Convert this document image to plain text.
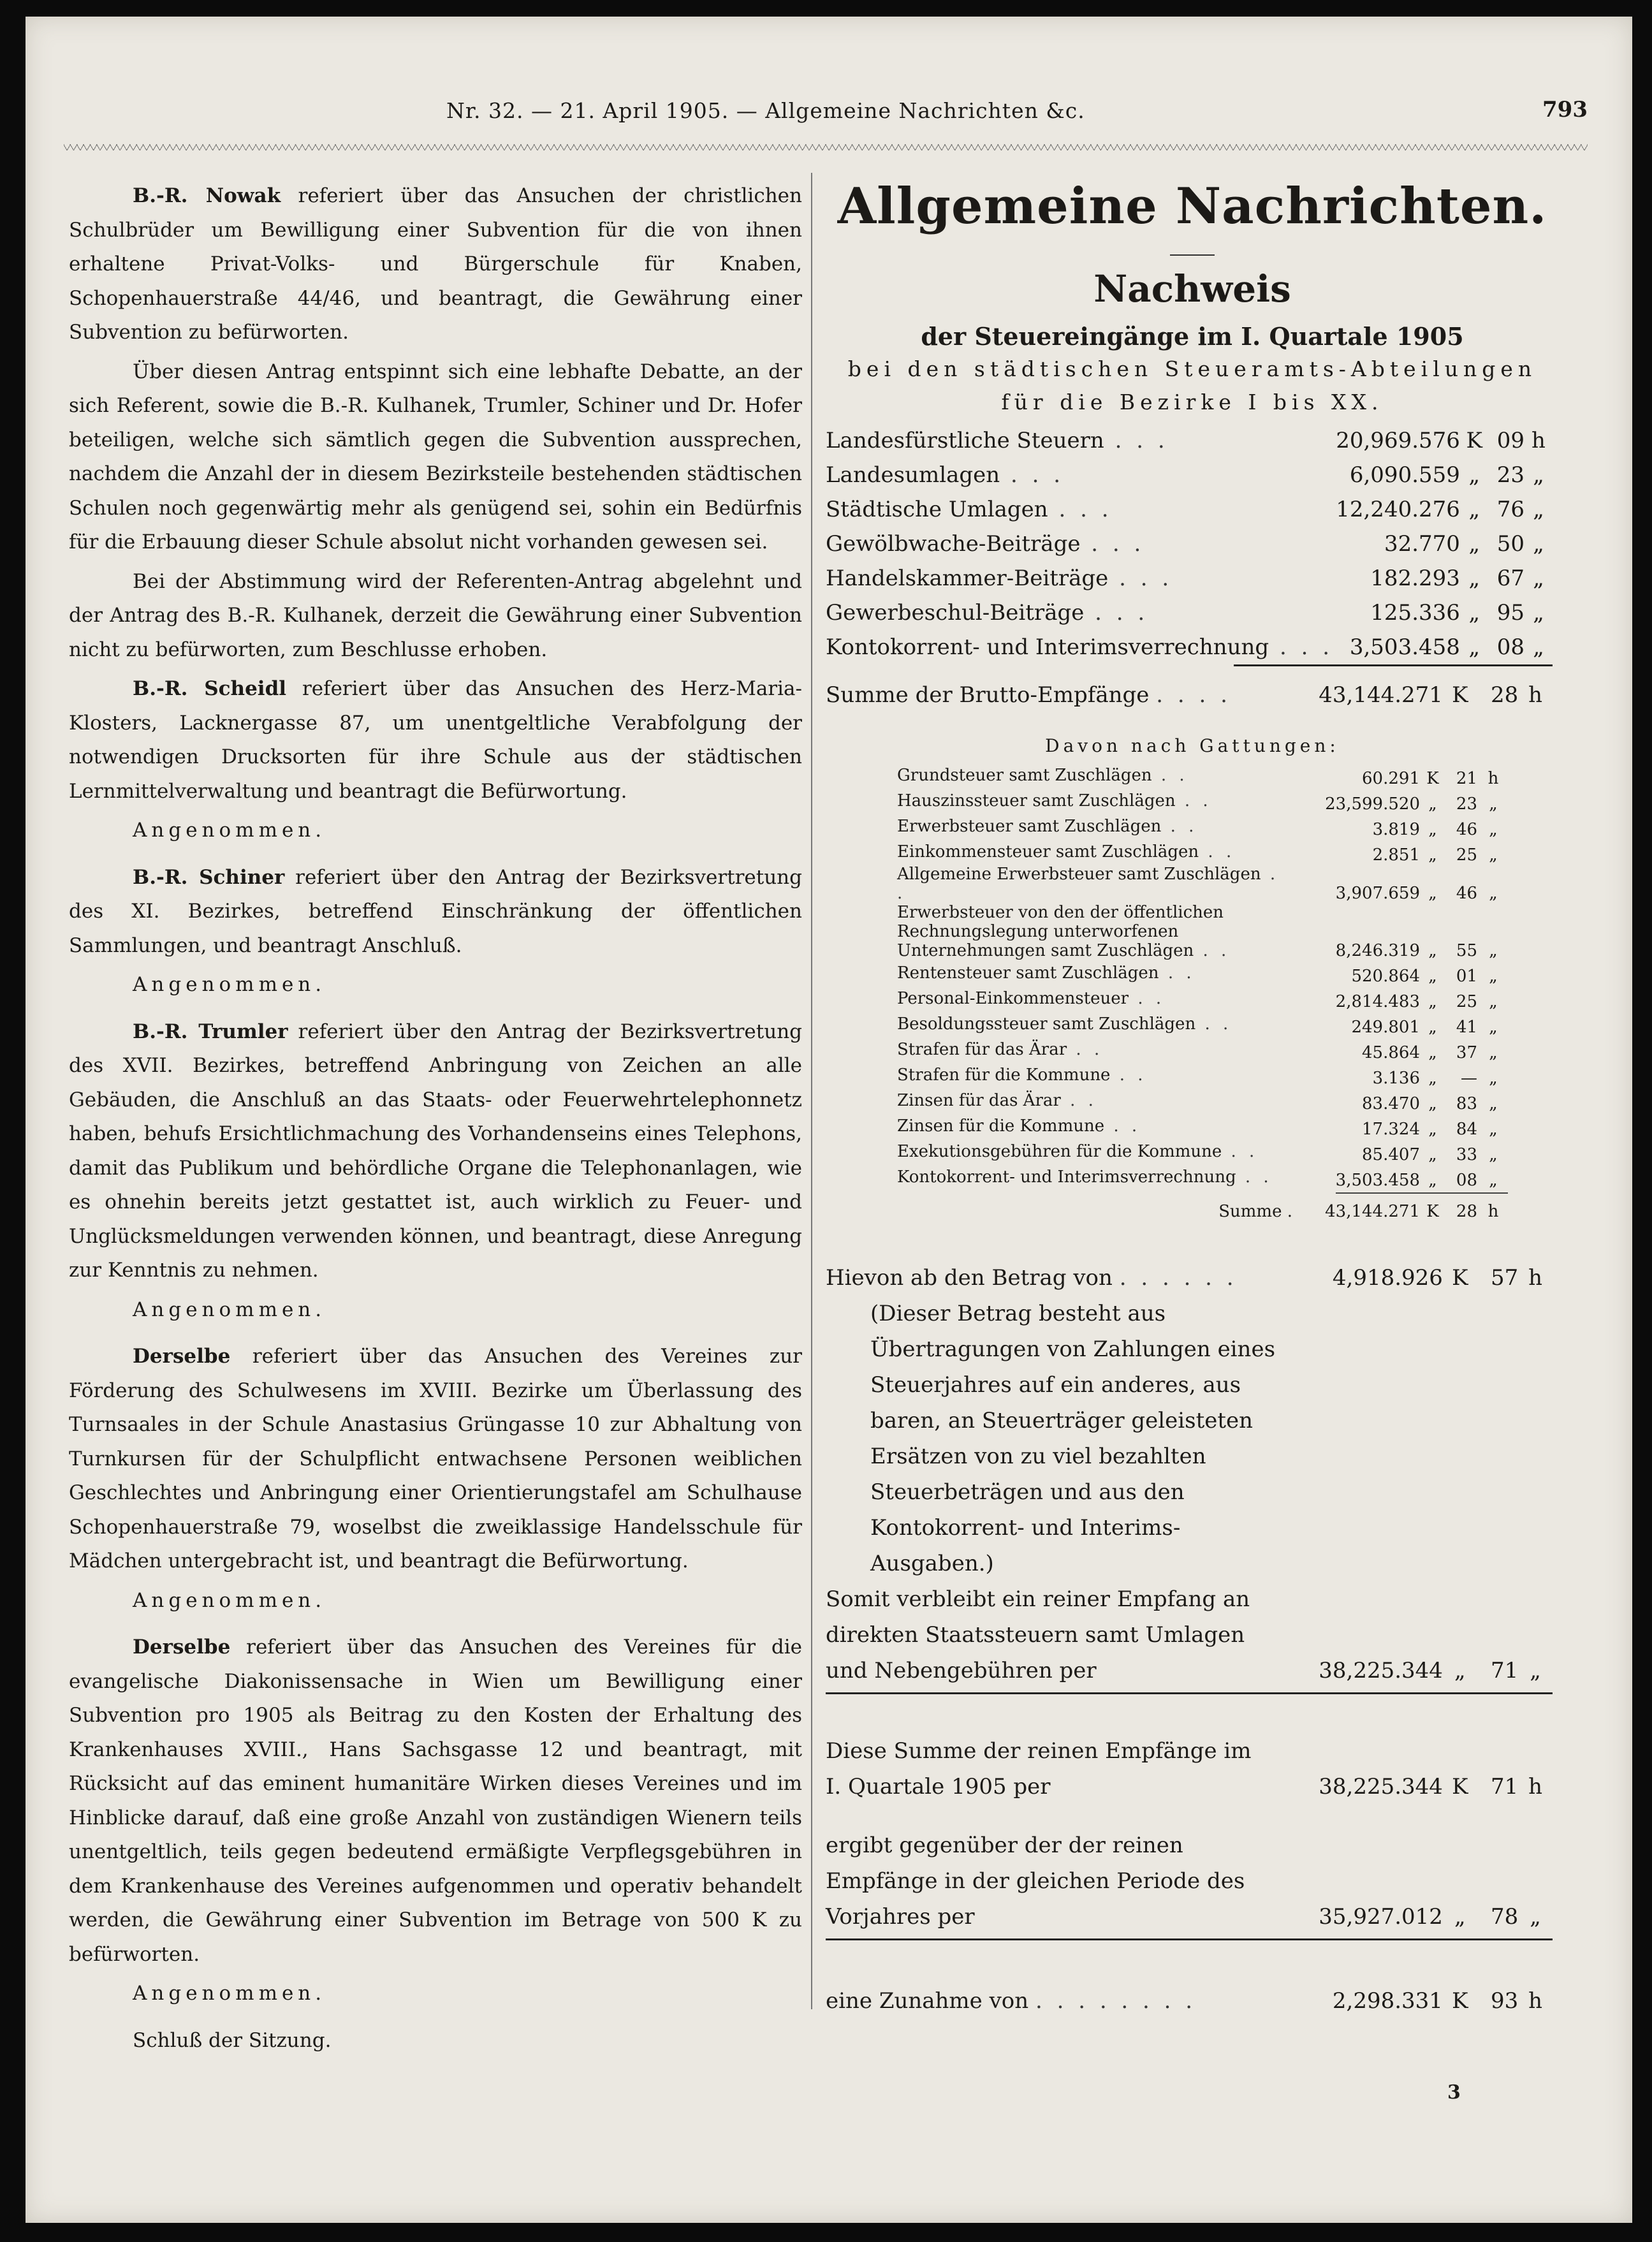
Nr. 32. — 21. April 1905. — Allgemeine Nachrichten &c.	793

B.-R. Nowak referiert über das Ansuchen der christlichen Schulbrüder um Bewilligung einer Subvention für die von ihnen erhaltene Privat-Volks- und Bürgerschule für Knaben, Schopenhauerstraße 44/46, und beantragt, die Gewährung einer Subvention zu befürworten.

Über diesen Antrag entspinnt sich eine lebhafte Debatte, an der sich Referent, sowie die B.-R. Kulhanek, Trumler, Schiner und Dr. Hofer beteiligen, welche sich sämtlich gegen die Subvention aussprechen, nachdem die Anzahl der in diesem Bezirksteile bestehenden städtischen Schulen noch gegenwärtig mehr als genügend sei, sohin ein Bedürfnis für die Erbauung dieser Schule absolut nicht vorhanden gewesen sei.

Bei der Abstimmung wird der Referenten-Antrag abgelehnt und der Antrag des B.-R. Kulhanek, derzeit die Gewährung einer Subvention nicht zu befürworten, zum Beschlusse erhoben.

B.-R. Scheidl referiert über das Ansuchen des Herz-Maria-Klosters, Lacknergasse 87, um unentgeltliche Verabfolgung der notwendigen Drucksorten für ihre Schule aus der städtischen Lernmittelverwaltung und beantragt die Befürwortung.

Angenommen.

B.-R. Schiner referiert über den Antrag der Bezirksvertretung des XI. Bezirkes, betreffend Einschränkung der öffentlichen Sammlungen, und beantragt Anschluß.

Angenommen.

B.-R. Trumler referiert über den Antrag der Bezirksvertretung des XVII. Bezirkes, betreffend Anbringung von Zeichen an alle Gebäuden, die Anschluß an das Staats- oder Feuerwehrtelephonnetz haben, behufs Ersichtlichmachung des Vorhandenseins eines Telephons, damit das Publikum und behördliche Organe die Telephonanlagen, wie es ohnehin bereits jetzt gestattet ist, auch wirklich zu Feuer- und Unglücksmeldungen verwenden können, und beantragt, diese Anregung zur Kenntnis zu nehmen.

Angenommen.

Derselbe referiert über das Ansuchen des Vereines zur Förderung des Schulwesens im XVIII. Bezirke um Überlassung des Turnsaales in der Schule Anastasius Grüngasse 10 zur Abhaltung von Turnkursen für der Schulpflicht entwachsene Personen weiblichen Geschlechtes und Anbringung einer Orientierungstafel am Schulhause Schopenhauerstraße 79, woselbst die zweiklassige Handelsschule für Mädchen untergebracht ist, und beantragt die Befürwortung.

Angenommen.

Derselbe referiert über das Ansuchen des Vereines für die evangelische Diakonissensache in Wien um Bewilligung einer Subvention pro 1905 als Beitrag zu den Kosten der Erhaltung des Krankenhauses XVIII., Hans Sachsgasse 12 und beantragt, mit Rücksicht auf das eminent humanitäre Wirken dieses Vereines und im Hinblicke darauf, daß eine große Anzahl von zuständigen Wienern teils unentgeltlich, teils gegen bedeutend ermäßigte Verpflegsgebühren in dem Krankenhause des Vereines aufgenommen und operativ behandelt werden, die Gewährung einer Subvention im Betrage von 500 K zu befürworten.

Angenommen.

Schluß der Sitzung.

Allgemeine Nachrichten.
Nachweis
der Steuereingänge im I. Quartale 1905
bei den städtischen Steueramts-Abteilungen
für die Bezirke I bis XX.
Landesfürstliche Steuern . . .	20,969.576	K	09	h
Landesumlagen . . .	6,090.559	„	23	„
Städtische Umlagen . . .	12,240.276	„	76	„
Gewölbwache-Beiträge . . .	32.770	„	50	„
Handelskammer-Beiträge . . .	182.293	„	67	„
Gewerbeschul-Beiträge . . .	125.336	„	95	„
Kontokorrent- und Interimsverrechnung . . .	3,503.458	„	08	„
Summe der Brutto-Empfänge . . . .	43,144.271	K	28	h
Davon nach Gattungen:
Grundsteuer samt Zuschlägen . .	60.291	K	21	h
Hauszinssteuer samt Zuschlägen . .	23,599.520	„	23	„
Erwerbsteuer samt Zuschlägen . .	3.819	„	46	„
Einkommensteuer samt Zuschlägen . .	2.851	„	25	„
Allgemeine Erwerbsteuer samt Zuschlägen . .	3,907.659	„	46	„
Erwerbsteuer von den der öffentlichen Rechnungslegung unterworfenen Unternehmungen samt Zuschlägen . .	8,246.319	„	55	„
Rentensteuer samt Zuschlägen . .	520.864	„	01	„
Personal-Einkommensteuer . .	2,814.483	„	25	„
Besoldungssteuer samt Zuschlägen . .	249.801	„	41	„
Strafen für das Ärar . .	45.864	„	37	„
Strafen für die Kommune . .	3.136	„	—	„
Zinsen für das Ärar . .	83.470	„	83	„
Zinsen für die Kommune . .	17.324	„	84	„
Exekutionsgebühren für die Kommune . .	85.407	„	33	„
Kontokorrent- und Interimsverrechnung . .	3,503.458	„	08	„
Summe .	43,144.271	K	28	h
Hievon ab den Betrag von . . . . . .	4,918.926	K	57	h

(Dieser Betrag besteht aus Übertragungen von Zahlungen eines Steuerjahres auf ein anderes, aus baren, an Steuerträger geleisteten Ersätzen von zu viel bezahlten Steuerbeträgen und aus den Kontokorrent- und Interims-Ausgaben.)				

Somit verbleibt ein reiner Empfang an direkten Staatssteuern samt Umlagen und Nebengebühren per	38,225.344	„	71	„

Diese Summe der reinen Empfänge im I. Quartale 1905 per	38,225.344	K	71	h

ergibt gegenüber der der reinen Empfänge in der gleichen Periode des Vorjahres per	35,927.012	„	78	„

eine Zunahme von . . . . . . . .	2,298.331	K	93	h
3
